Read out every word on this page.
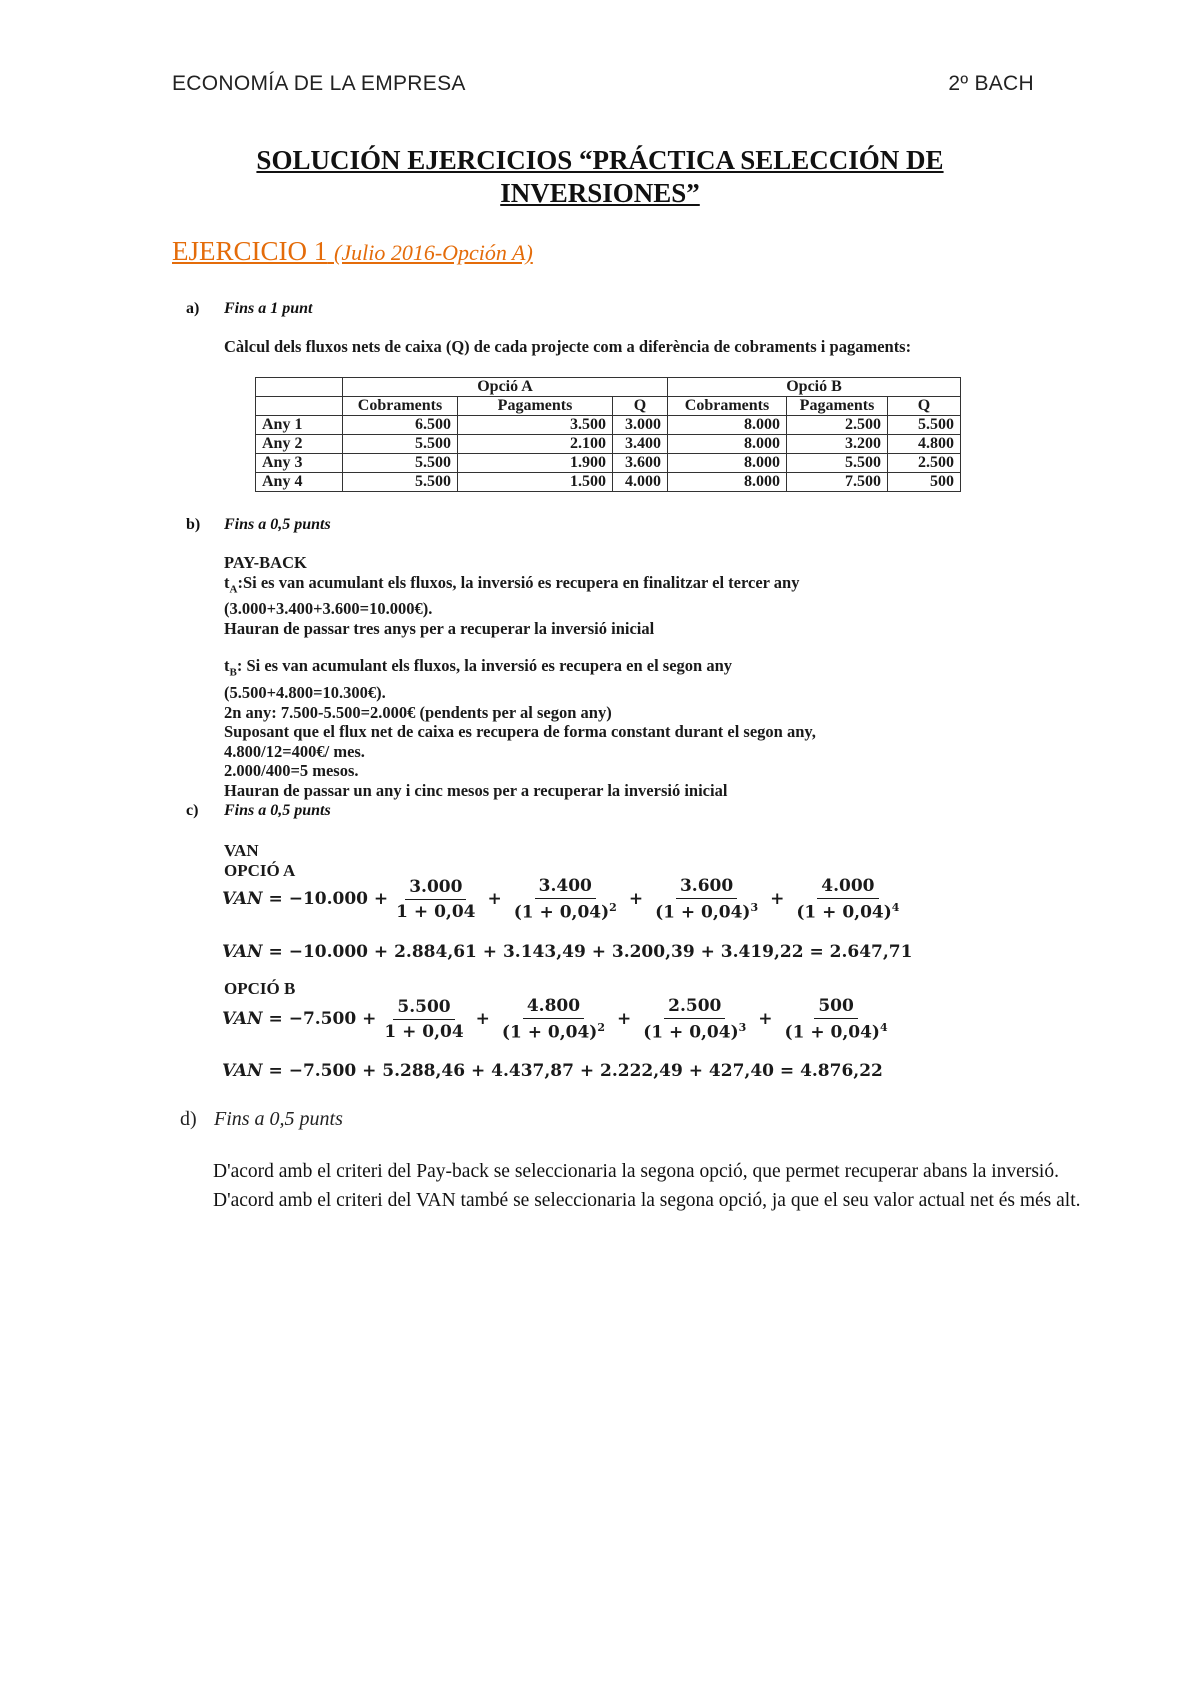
ECONOMÍA DE LA EMPRESA	2º BACH
SOLUCIÓN EJERCICIOS “PRÁCTICA SELECCIÓN DE
INVERSIONES”
EJERCICIO 1 (Julio 2016-Opción A)
a) Fins a 1 punt
Càlcul dels fluxos nets de caixa (Q) de cada projecte com a diferència de cobraments i pagaments:
	Opció A			Opció B		
	Cobraments	Pagaments	Q	Cobraments	Pagaments	Q
Any 1	6.500	3.500	3.000	8.000	2.500	5.500
Any 2	5.500	2.100	3.400	8.000	3.200	4.800
Any 3	5.500	1.900	3.600	8.000	5.500	2.500
Any 4	5.500	1.500	4.000	8.000	7.500	500
b) Fins a 0,5 punts
PAY-BACK
$t_A:Si$ es van acumulant els fluxos, la inversió es recupera en finalitzar el tercer any
(3.000+3.400+3.600=10.000€).
Hauran de passar tres anys per a recuperar la inversió inicial
$t_B$: Si es van acumulant els fluxos, la inversió es recupera en el segon any
(5.500+4.800=10.300€).
2n any: 7.500-5.500=2.000€ (pendents per al segon any)
Suposant que el flux net de caixa es recupera de forma constant durant el segon any,
4.800/12=400€/ mes.
2.000/400=5 mesos.
Hauran de passar un any i cinc mesos per a recuperar la inversió inicial
c) Fins a 0,5 punts
VAN
OPCIÓ A
VAN
= $-10.000 + \frac{3.000}{1 + 0,04} + \frac{3.400}{(1 + 0,04)^2} + \frac{3.600}{(1 + 0,04)^3} + \frac{4.000}{(1 + 0,04)^4}$
VAN
= −10.000 + 2.884,61 + 3.143,49 + 3.200,39 + 3.419,22 = 2.647,71
OPCIÓ B
VAN
= $-7.500 + \frac{5.500}{1 + 0,04} + \frac{4.800}{(1 + 0,04)^2} + \frac{2.500}{(1 + 0,04)^3} + \frac{500}{(1 + 0,04)^4}$
VAN
= −7.500 + 5.288,46 + 4.437,87 + 2.222,49 + 427,40 = 4.876,22
d) Fins a 0,5 punts
D'acord amb el criteri del Pay-back se seleccionaria la segona opció, que permet recuperar abans la inversió.
D'acord amb el criteri del VAN també se seleccionaria la segona opció, ja que el seu valor actual net és més alt.
